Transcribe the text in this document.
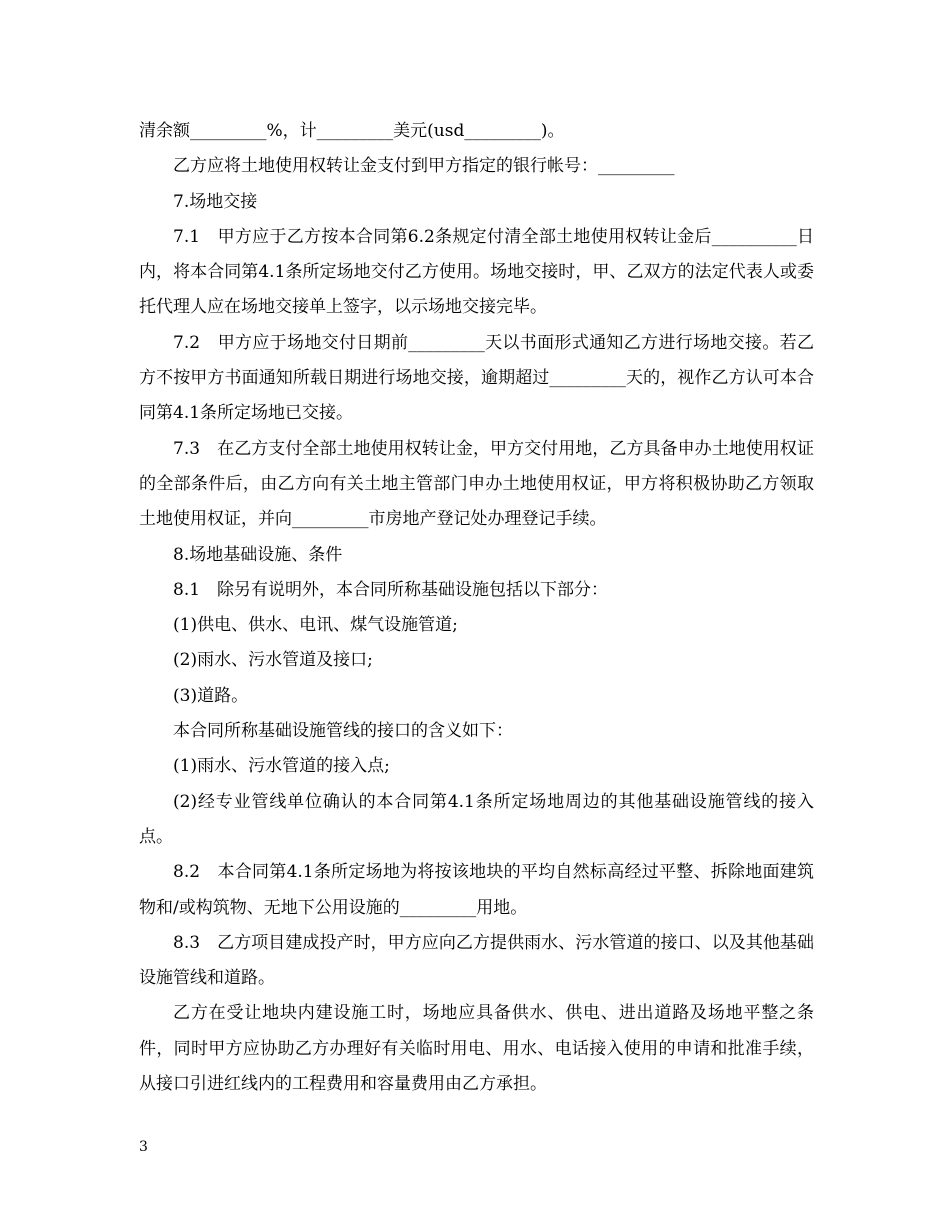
清余额_________%，计_________美元(usd_________)。

乙方应将土地使用权转让金支付到甲方指定的银行帐号：_________

7.场地交接

7.1　甲方应于乙方按本合同第6.2条规定付清全部土地使用权转让金后__________日内，将本合同第4.1条所定场地交付乙方使用。场地交接时，甲、乙双方的法定代表人或委托代理人应在场地交接单上签字，以示场地交接完毕。

7.2　甲方应于场地交付日期前_________天以书面形式通知乙方进行场地交接。若乙方不按甲方书面通知所载日期进行场地交接，逾期超过_________天的，视作乙方认可本合同第4.1条所定场地已交接。

7.3　在乙方支付全部土地使用权转让金，甲方交付用地，乙方具备申办土地使用权证的全部条件后，由乙方向有关土地主管部门申办土地使用权证，甲方将积极协助乙方领取土地使用权证，并向_________市房地产登记处办理登记手续。

8.场地基础设施、条件

8.1　除另有说明外，本合同所称基础设施包括以下部分：

(1)供电、供水、电讯、煤气设施管道;

(2)雨水、污水管道及接口;

(3)道路。

本合同所称基础设施管线的接口的含义如下：

(1)雨水、污水管道的接入点;

(2)经专业管线单位确认的本合同第4.1条所定场地周边的其他基础设施管线的接入点。

8.2　本合同第4.1条所定场地为将按该地块的平均自然标高经过平整、拆除地面建筑物和/或构筑物、无地下公用设施的_________用地。

8.3　乙方项目建成投产时，甲方应向乙方提供雨水、污水管道的接口、以及其他基础设施管线和道路。

乙方在受让地块内建设施工时，场地应具备供水、供电、进出道路及场地平整之条件，同时甲方应协助乙方办理好有关临时用电、用水、电话接入使用的申请和批准手续，从接口引进红线内的工程费用和容量费用由乙方承担。

3
